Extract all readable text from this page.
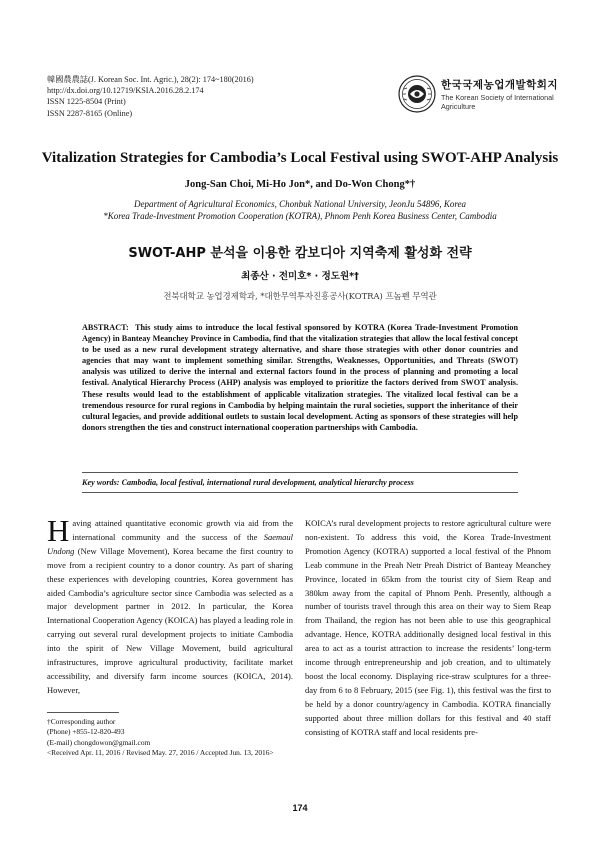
韓國農農誌(J. Korean Soc. Int. Agric.), 28(2): 174~180(2016)
http://dx.doi.org/10.12719/KSIA.2016.28.2.174
ISSN 1225-8504 (Print)
ISSN 2287-8165 (Online)
한국국제농업개발학회지
The Korean Society of International
Agriculture
Vitalization Strategies for Cambodia’s Local Festival using SWOT-AHP Analysis
Jong-San Choi, Mi-Ho Jon*, and Do-Won Chong*†
Department of Agricultural Economics, Chonbuk National University, JeonJu 54896, Korea
*Korea Trade-Investment Promotion Cooperation (KOTRA), Phnom Penh Korea Business Center, Cambodia
SWOT-AHP 분석을 이용한 캄보디아 지역축제 활성화 전략
최종산 · 전미호* · 정도원*†
전북대학교 농업경제학과, *대한무역투자진흥공사(KOTRA) 프놈펜 무역관
ABSTRACT: This study aims to introduce the local festival sponsored by KOTRA (Korea Trade-Investment Promotion Agency) in Banteay Meanchey Province in Cambodia, find that the vitalization strategies that allow the local festival concept to be used as a new rural development strategy alternative, and share those strategies with other donor countries and agencies that may want to implement something similar. Strengths, Weaknesses, Opportunities, and Threats (SWOT) analysis was utilized to derive the internal and external factors found in the process of planning and promoting a local festival. Analytical Hierarchy Process (AHP) analysis was employed to prioritize the factors derived from SWOT analysis. These results would lead to the establishment of applicable vitalization strategies. The vitalized local festival can be a tremendous resource for rural regions in Cambodia by helping maintain the rural societies, support the inheritance of their cultural legacies, and provide additional outlets to sustain local development. Acting as sponsors of these strategies will help donors strengthen the ties and construct international cooperation partnerships with Cambodia.
Key words: Cambodia, local festival, international rural development, analytical hierarchy process
Having attained quantitative economic growth via aid from the international community and the success of the Saemaul Undong (New Village Movement), Korea became the first country to move from a recipient country to a donor country. As part of sharing these experiences with developing countries, Korea government has aided Cambodia’s agriculture sector since Cambodia was selected as a major development partner in 2012. In particular, the Korea International Cooperation Agency (KOICA) has played a leading role in carrying out several rural development projects to initiate Cambodia into the spirit of New Village Movement, build agricultural infrastructures, improve agricultural productivity, facilitate market accessibility, and diversify farm income sources (KOICA, 2014). However,
KOICA’s rural development projects to restore agricultural culture were non-existent. To address this void, the Korea Trade-Investment Promotion Agency (KOTRA) supported a local festival of the Phnom Leab commune in the Preah Netr Preah District of Banteay Meanchey Province, located in 65km from the tourist city of Siem Reap and 380km away from the capital of Phnom Penh. Presently, although a number of tourists travel through this area on their way to Siem Reap from Thailand, the region has not been able to use this geographical advantage. Hence, KOTRA additionally designed local festival in this area to act as a tourist attraction to increase the residents’ long-term income through entrepreneurship and job creation, and to ultimately boost the local economy. Displaying rice-straw sculptures for a three-day from 6 to 8 February, 2015 (see Fig. 1), this festival was the first to be held by a donor country/agency in Cambodia. KOTRA financially supported about three million dollars for this festival and 40 staff consisting of KOTRA staff and local residents pre-
†Corresponding author
(Phone) +855-12-820-493
(E-mail) chongdowon@gmail.com
<Received Apr. 11, 2016 / Revised May. 27, 2016 / Accepted Jun. 13, 2016>
174
